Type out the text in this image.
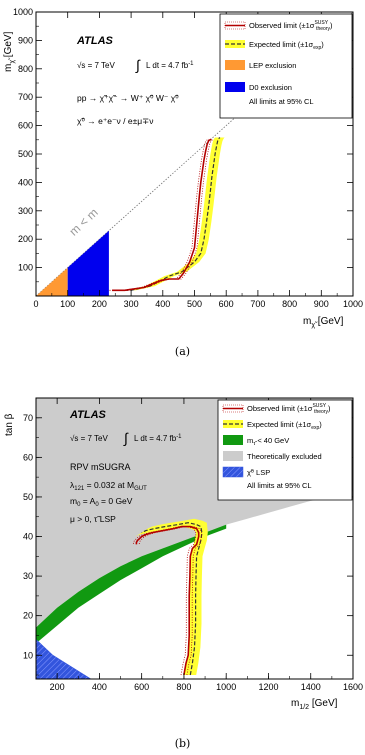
0 100 200 300 400 500 600 700 800 900 1000
100
200
300
400
500
600
700
800
900
1000
$m_{\chĩ}$ [GeV]
$m_{\chĩ}$ [GeV]
m < m
ATLAS
√s = 7 TeV ∫ L dt = 4.7 $fb^{-1}$
pp → χ̃⁺χ̃⁻ → W⁺ χ̃⁰ W⁻ χ̃⁰
χ̃⁰ → e⁺e⁻ν / e±μ∓ν
Observed limit ($\pm 1\sigma^{SUSY}$ theory)
Expected limit $(\pm 1\sigma_{exp})$
LEP exclusion
D0 exclusion
All limits at 95% CL
200	400	600	800	1000 1200 1400 1600
10
20
30
40
50
60
70
$m_{1/2}$ [GeV]
tan β	ATLAS
√s = 7 TeV ∫ L dt = 4.7 $fb^{-1}$
RPV mSUGRA
$\lambda_{121} = 0.032$ at $M_{GUT}$
$m_0 = A_0 = 0$ GeV
μ > 0, τ̃ LSP
Observed limit ($\pm 1\sigma^{SUSY}$ theory)
Expected limit $(\pm 1\sigma_{exp})$
$m_{\taũ} < 40$ GeV
Theoretically excluded
χ̃⁰ LSP
All limits at 95% CL
(a)
(b)
